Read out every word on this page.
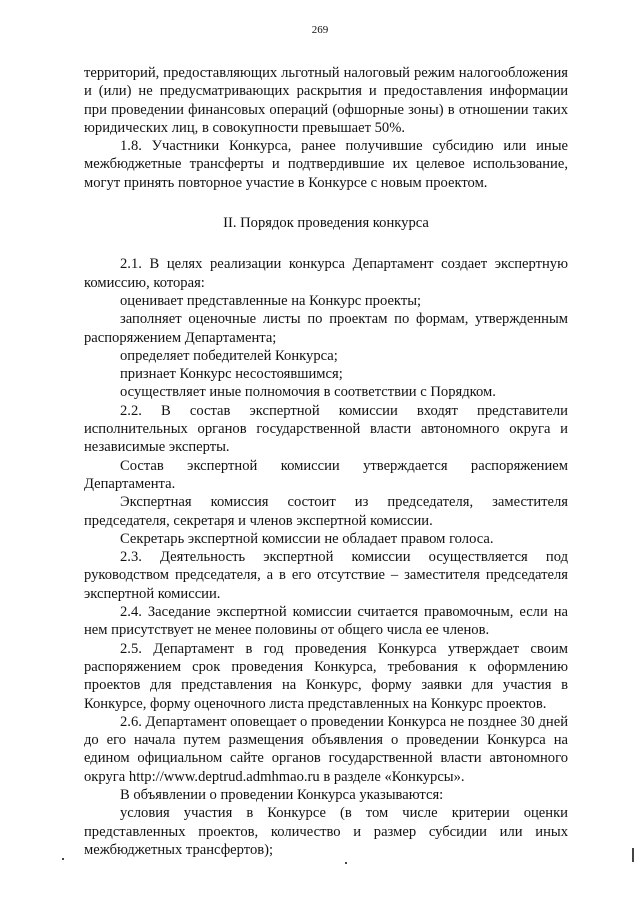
269

территорий, предоставляющих льготный налоговый режим налогообложения и (или) не предусматривающих раскрытия и предоставления информации при проведении финансовых операций (офшорные зоны) в отношении таких юридических лиц, в совокупности превышает 50%.

1.8. Участники Конкурса, ранее получившие субсидию или иные межбюджетные трансферты и подтвердившие их целевое использование, могут принять повторное участие в Конкурсе с новым проектом.

II. Порядок проведения конкурса

2.1. В целях реализации конкурса Департамент создает экспертную комиссию, которая:

оценивает представленные на Конкурс проекты;

заполняет оценочные листы по проектам по формам, утвержденным распоряжением Департамента;

определяет победителей Конкурса;

признает Конкурс несостоявшимся;

осуществляет иные полномочия в соответствии с Порядком.

2.2. В состав экспертной комиссии входят представители исполнительных органов государственной власти автономного округа и независимые эксперты.

Состав экспертной комиссии утверждается распоряжением Департамента.

Экспертная комиссия состоит из председателя, заместителя председателя, секретаря и членов экспертной комиссии.

Секретарь экспертной комиссии не обладает правом голоса.

2.3. Деятельность экспертной комиссии осуществляется под руководством председателя, а в его отсутствие – заместителя председателя экспертной комиссии.

2.4. Заседание экспертной комиссии считается правомочным, если на нем присутствует не менее половины от общего числа ее членов.

2.5. Департамент в год проведения Конкурса утверждает своим распоряжением срок проведения Конкурса, требования к оформлению проектов для представления на Конкурс, форму заявки для участия в Конкурсе, форму оценочного листа представленных на Конкурс проектов.

2.6. Департамент оповещает о проведении Конкурса не позднее 30 дней до его начала путем размещения объявления о проведении Конкурса на едином официальном сайте органов государственной власти автономного округа http://www.deptrud.admhmao.ru в разделе «Конкурсы».

В объявлении о проведении Конкурса указываются:

условия участия в Конкурсе (в том числе критерии оценки представленных проектов, количество и размер субсидии или иных межбюджетных трансфертов);
